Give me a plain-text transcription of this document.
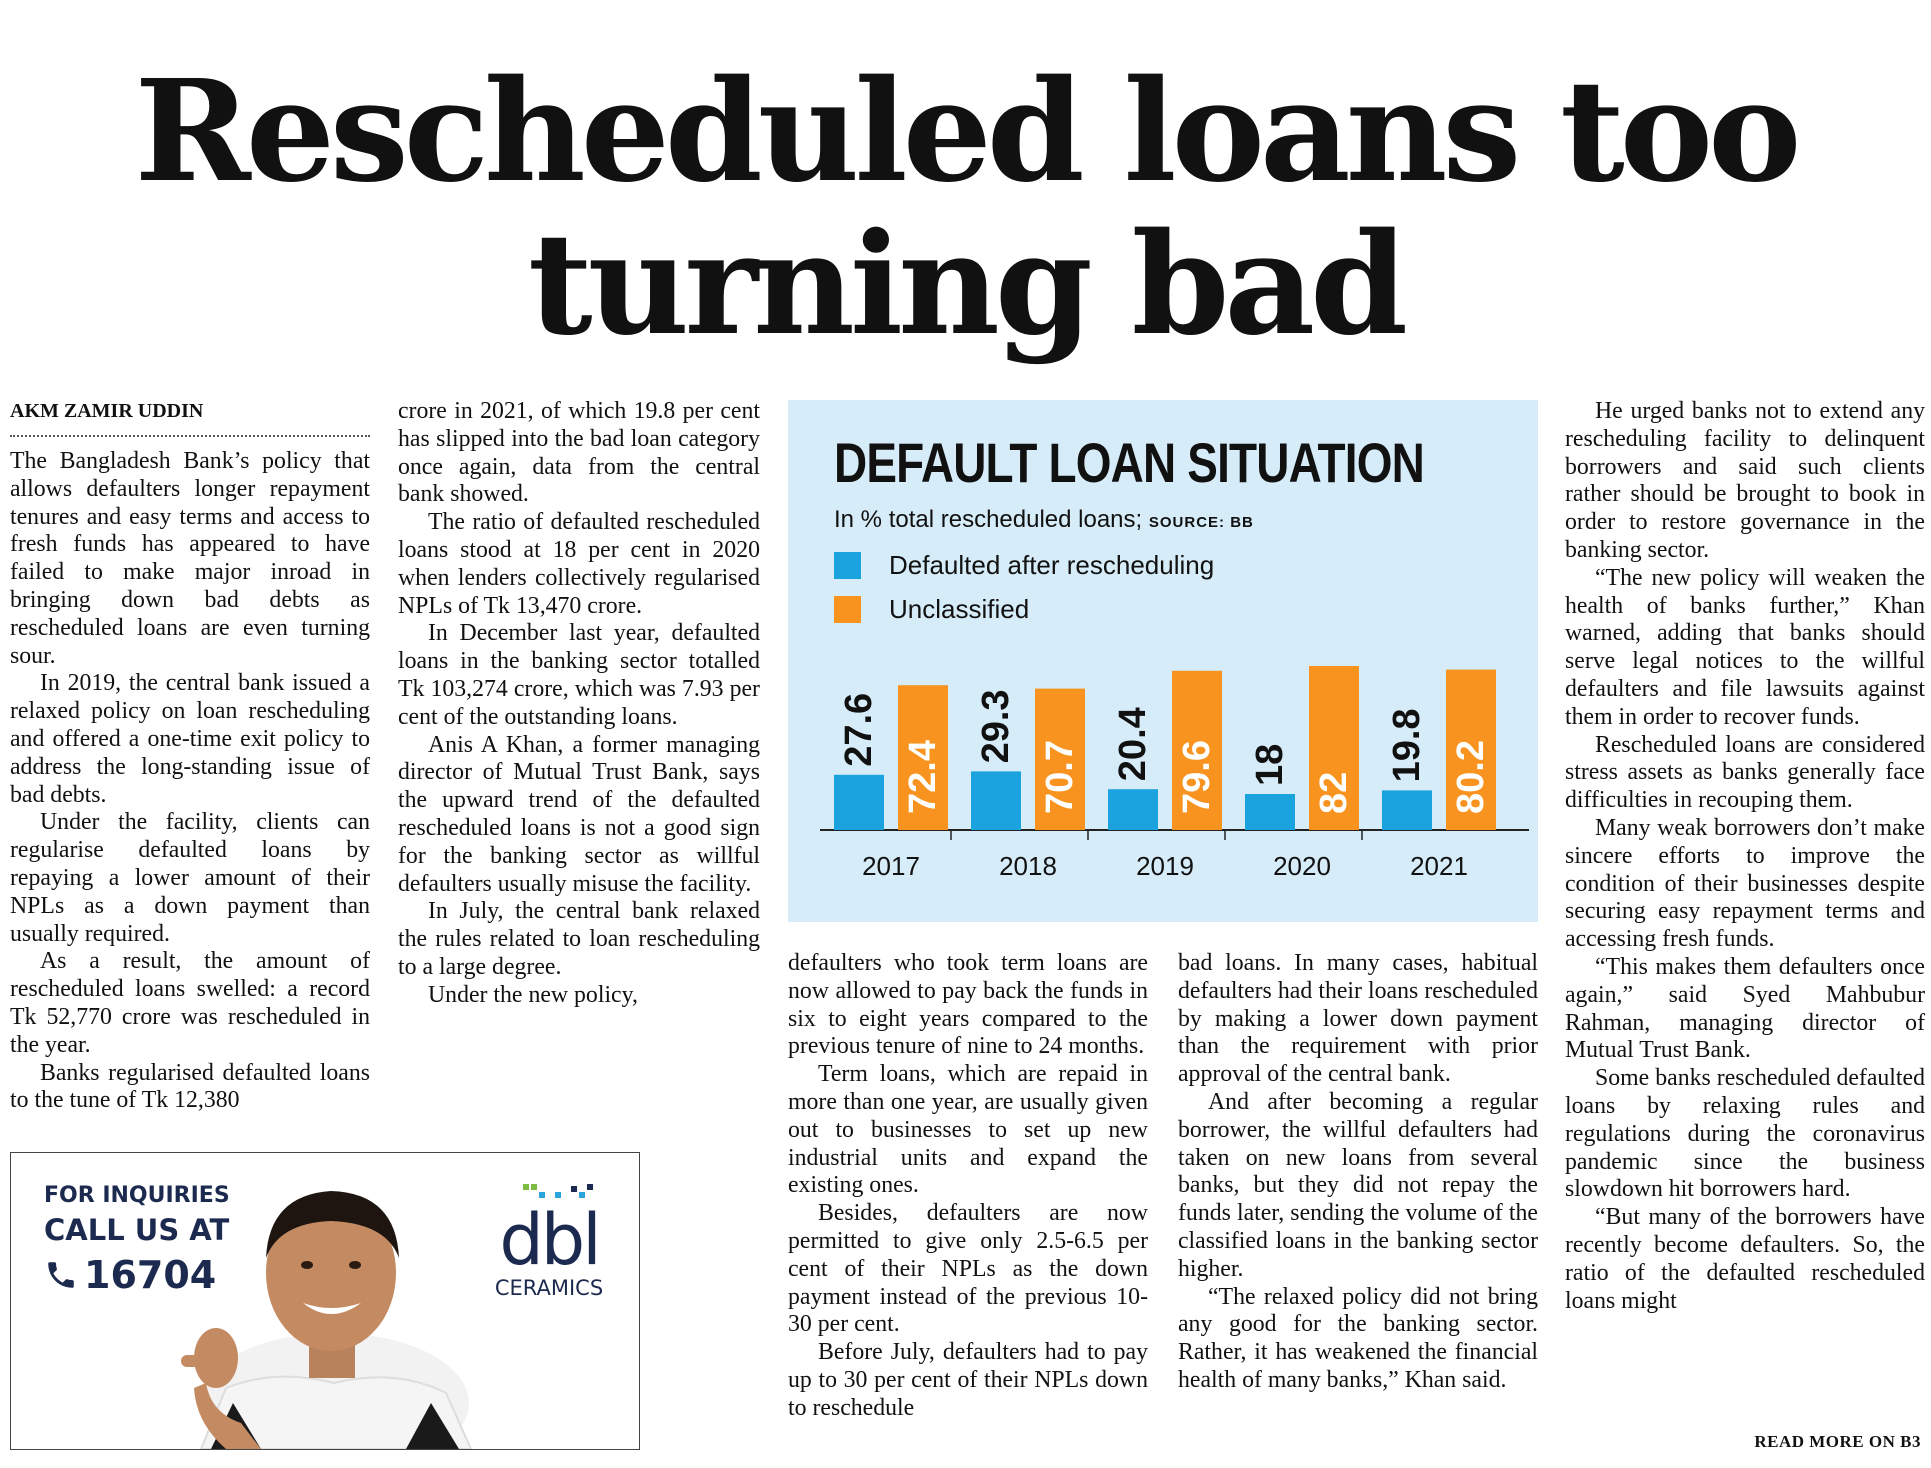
Rescheduled loans too
turning bad
AKM ZAMIR UDDIN

The Bangladesh Bank’s policy that allows defaulters longer repayment tenures and easy terms and access to fresh funds has appeared to have failed to make major inroad in bringing down bad debts as rescheduled loans are even turning sour.

In 2019, the central bank issued a relaxed policy on loan rescheduling and offered a one-time exit policy to address the long-standing issue of bad debts.

Under the facility, clients can regularise defaulted loans by repaying a lower amount of their NPLs as a down payment than usually required.

As a result, the amount of rescheduled loans swelled: a record Tk 52,770 crore was rescheduled in the year.

Banks regularised defaulted loans to the tune of Tk 12,380

crore in 2021, of which 19.8 per cent has slipped into the bad loan category once again, data from the central bank showed.

The ratio of defaulted rescheduled loans stood at 18 per cent in 2020 when lenders collectively regularised NPLs of Tk 13,470 crore.

In December last year, defaulted loans in the banking sector totalled Tk 103,274 crore, which was 7.93 per cent of the outstanding loans.

Anis A Khan, a former managing director of Mutual Trust Bank, says the upward trend of the defaulted rescheduled loans is not a good sign for the banking sector as willful defaulters usually misuse the facility.

In July, the central bank relaxed the rules related to loan rescheduling to a large degree.

Under the new policy,

DEFAULT LOAN SITUATION
In % total rescheduled loans; SOURCE: BB
Defaulted after rescheduling
Unclassified
27.6
72.4
2017
29.3
70.7
2018
20.4 79.6
2019
18
82
2020
19.8 80.2
2021

defaulters who took term loans are now allowed to pay back the funds in six to eight years compared to the previous tenure of nine to 24 months.

Term loans, which are repaid in more than one year, are usually given out to businesses to set up new industrial units and expand the existing ones.

Besides, defaulters are now permitted to give only 2.5-6.5 per cent of their NPLs as the down payment instead of the previous 10-30 per cent.

Before July, defaulters had to pay up to 30 per cent of their NPLs down to reschedule

bad loans. In many cases, habitual defaulters had their loans rescheduled by making a lower down payment than the requirement with prior approval of the central bank.

And after becoming a regular borrower, the willful defaulters had taken on new loans from several banks, but they did not repay the funds later, sending the volume of the classified loans in the banking sector higher.

“The relaxed policy did not bring any good for the banking sector. Rather, it has weakened the financial health of many banks,” Khan said.

He urged banks not to extend any rescheduling facility to delinquent borrowers and said such clients rather should be brought to book in order to restore governance in the banking sector.

“The new policy will weaken the health of banks further,” Khan warned, adding that banks should serve legal notices to the willful defaulters and file lawsuits against them in order to recover funds.

Rescheduled loans are considered stress assets as banks generally face difficulties in recouping them.

Many weak borrowers don’t make sincere efforts to improve the condition of their businesses despite securing easy repayment terms and accessing fresh funds.

“This makes them defaulters once again,” said Syed Mahbubur Rahman, managing director of Mutual Trust Bank.

Some banks rescheduled defaulted loans by relaxing rules and regulations during the coronavirus pandemic since the business slowdown hit borrowers hard.

“But many of the borrowers have recently become defaulters. So, the ratio of the defaulted rescheduled loans might

READ MORE ON B3
FOR INQUIRIES
CALL US AT
16704	dbl
CERAMICS
